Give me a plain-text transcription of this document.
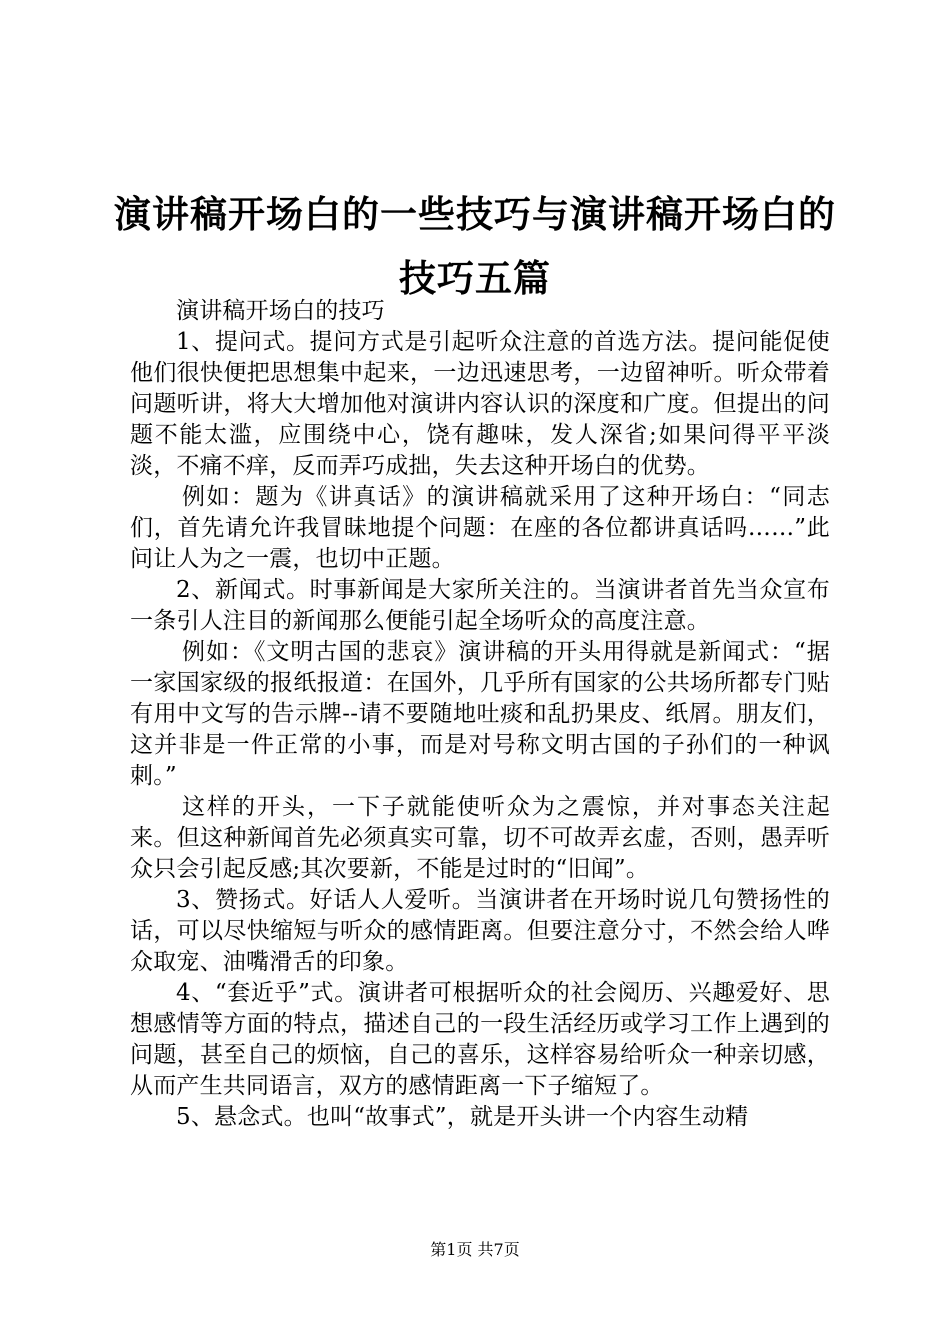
演讲稿开场白的一些技巧与演讲稿开场白的技巧五篇

演讲稿开场白的技巧

1、提问式。提问方式是引起听众注意的首选方法。提问能促使他们很快便把思想集中起来，一边迅速思考，一边留神听。听众带着问题听讲，将大大增加他对演讲内容认识的深度和广度。但提出的问题不能太滥，应围绕中心，饶有趣味，发人深省;如果问得平平淡淡，不痛不痒，反而弄巧成拙，失去这种开场白的优势。

例如：题为《讲真话》的演讲稿就采用了这种开场白：“同志们，首先请允许我冒昧地提个问题：在座的各位都讲真话吗……”此问让人为之一震，也切中正题。

2、新闻式。时事新闻是大家所关注的。当演讲者首先当众宣布一条引人注目的新闻那么便能引起全场听众的高度注意。

例如：《文明古国的悲哀》演讲稿的开头用得就是新闻式：“据一家国家级的报纸报道：在国外，几乎所有国家的公共场所都专门贴有用中文写的告示牌--请不要随地吐痰和乱扔果皮、纸屑。朋友们，这并非是一件正常的小事，而是对号称文明古国的子孙们的一种讽刺。”

这样的开头，一下子就能使听众为之震惊，并对事态关注起来。但这种新闻首先必须真实可靠，切不可故弄玄虚，否则，愚弄听众只会引起反感;其次要新，不能是过时的“旧闻”。

3、赞扬式。好话人人爱听。当演讲者在开场时说几句赞扬性的话，可以尽快缩短与听众的感情距离。但要注意分寸，不然会给人哗众取宠、油嘴滑舌的印象。

4、“套近乎”式。演讲者可根据听众的社会阅历、兴趣爱好、思想感情等方面的特点，描述自己的一段生活经历或学习工作上遇到的问题，甚至自己的烦恼，自己的喜乐，这样容易给听众一种亲切感，从而产生共同语言，双方的感情距离一下子缩短了。

5、悬念式。也叫“故事式”，就是开头讲一个内容生动精

第1页 共7页
